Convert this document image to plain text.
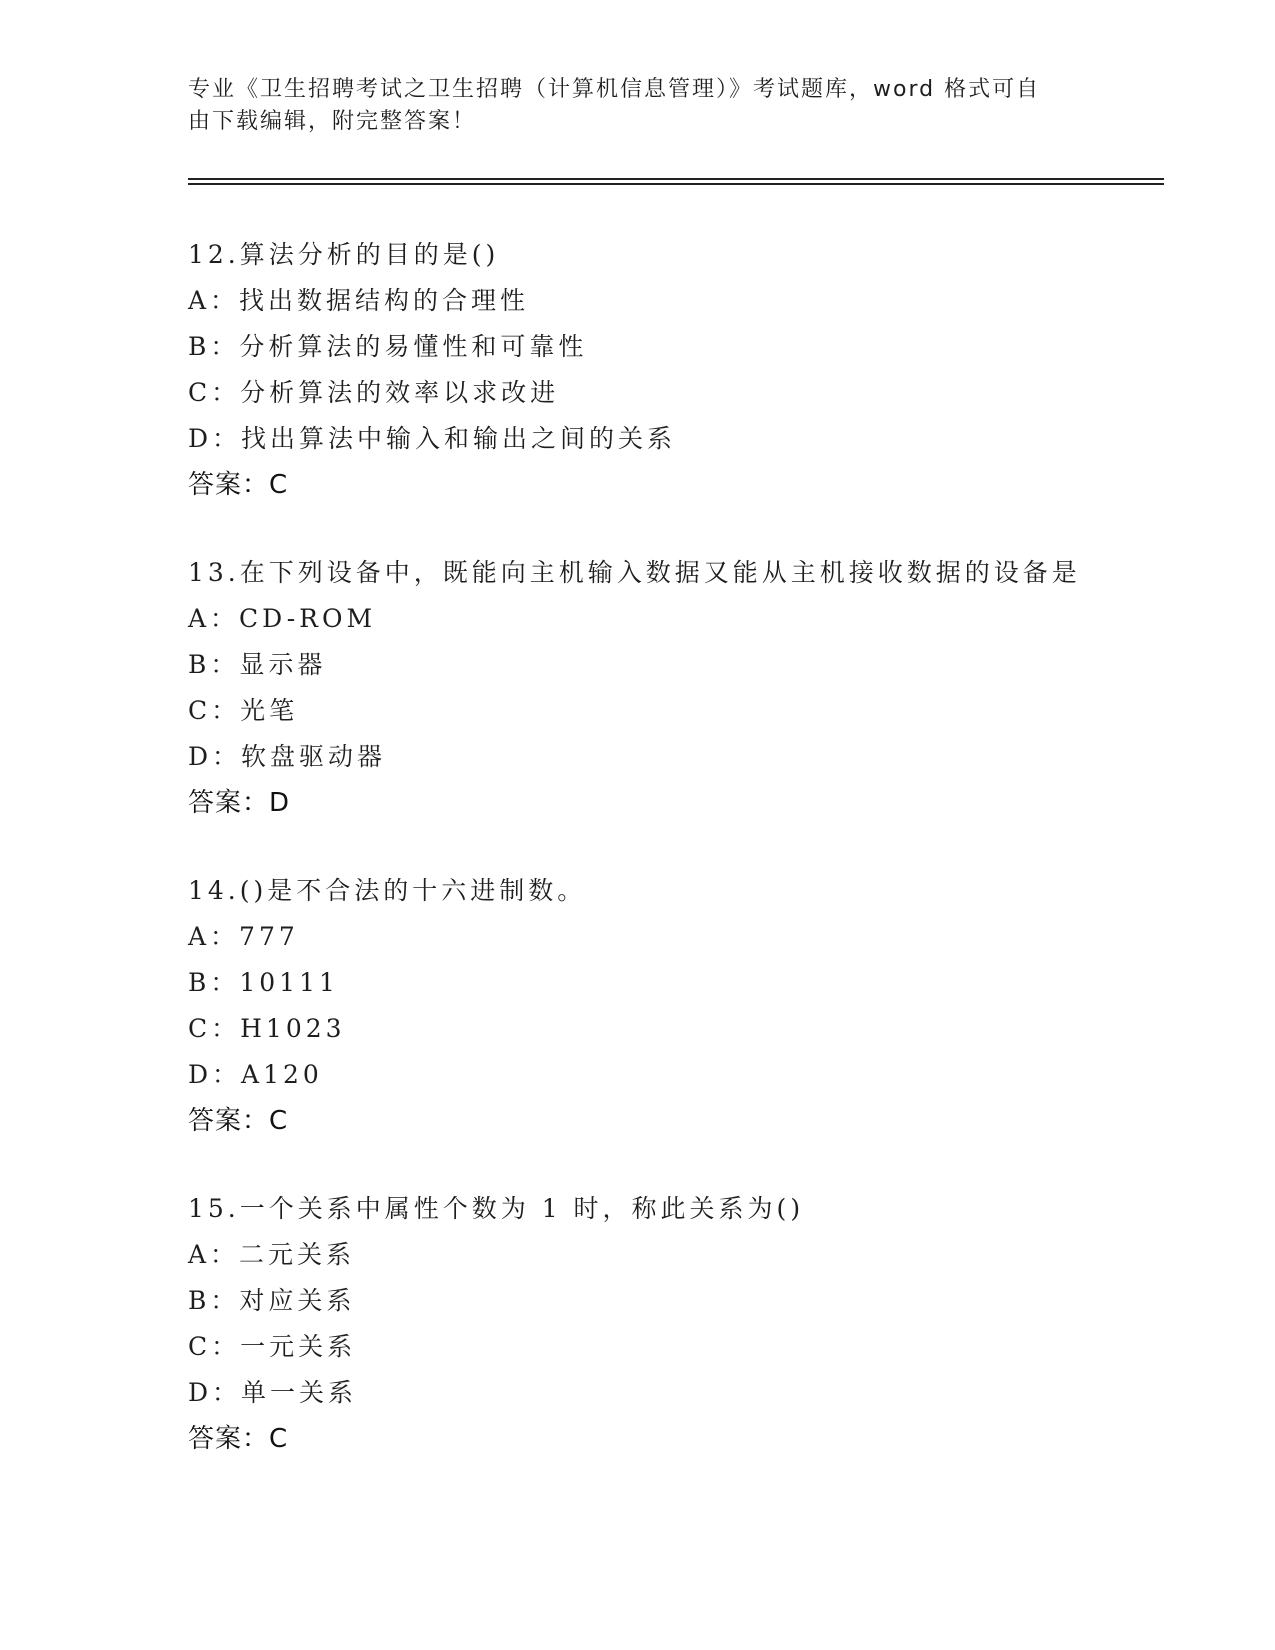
专业《卫生招聘考试之卫生招聘（计算机信息管理）》考试题库，word 格式可自
由下载编辑，附完整答案！
12.算法分析的目的是()
A：找出数据结构的合理性
B：分析算法的易懂性和可靠性
C：分析算法的效率以求改进
D：找出算法中输入和输出之间的关系
答案：C
13.在下列设备中，既能向主机输入数据又能从主机接收数据的设备是
A：CD-ROM
B：显示器
C：光笔
D：软盘驱动器
答案：D
14.()是不合法的十六进制数。
A：777
B：10111
C：H1023
D：A120
答案：C
15.一个关系中属性个数为 1 时，称此关系为()
A：二元关系
B：对应关系
C：一元关系
D：单一关系
答案：C
